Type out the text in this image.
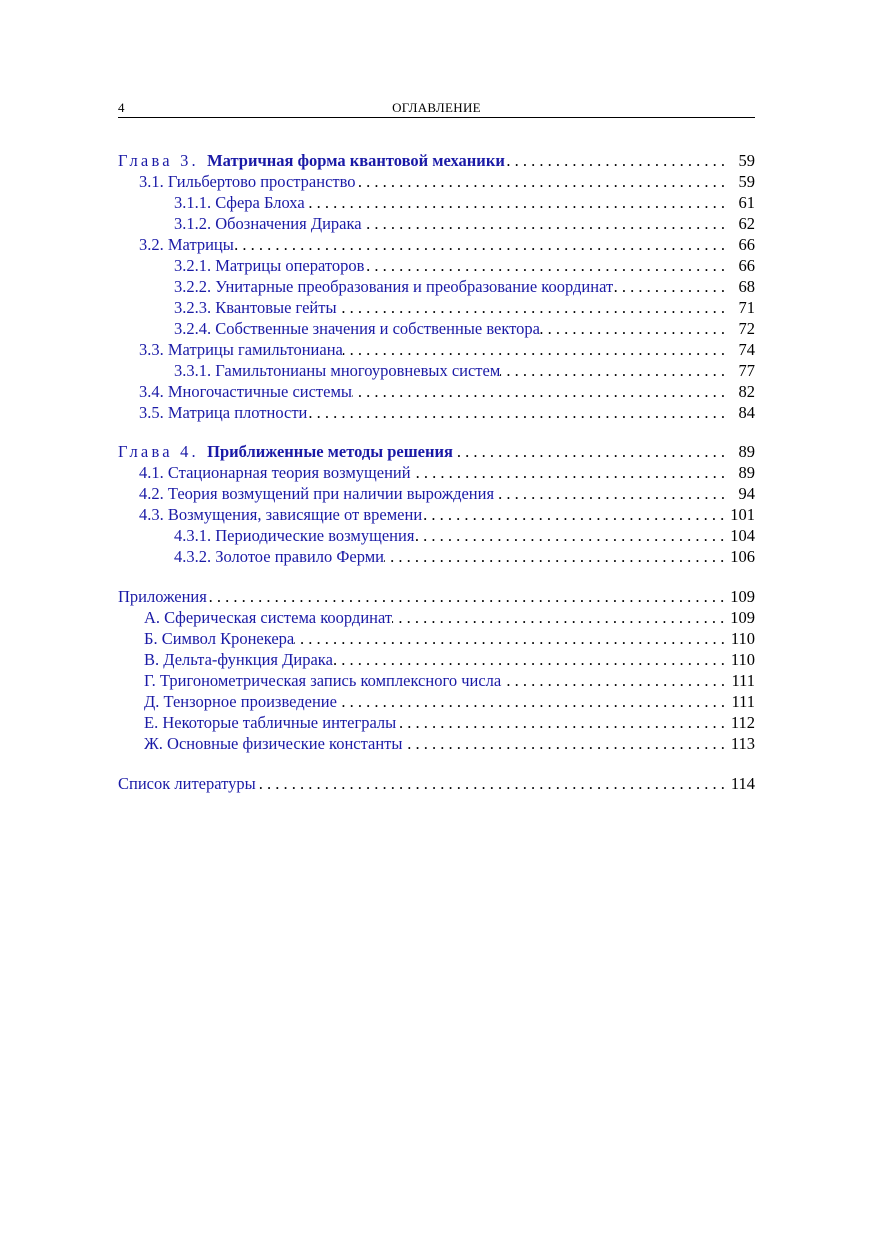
4	ОГЛАВЛЕНИЕ
Глава 3. Матричная форма квантовой механики . . .	59
3.1. Гильбертово пространство . . .	59
3.1.1. Сфера Блоха . . .	61
3.1.2. Обозначения Дирака . . .	62
3.2. Матрицы . . .	66
3.2.1. Матрицы операторов . . .	66
3.2.2. Унитарные преобразования и преобразование координат . . .	68
3.2.3. Квантовые гейты . . .	71
3.2.4. Собственные значения и собственные вектора . . .	72
3.3. Матрицы гамильтониана . . .	74
3.3.1. Гамильтонианы многоуровневых систем . . .	77
3.4. Многочастичные системы . . .	82
3.5. Матрица плотности . . .	84
Глава 4. Приближенные методы решения . . .	89
4.1. Стационарная теория возмущений . . .	89
4.2. Теория возмущений при наличии вырождения . . .	94
4.3. Возмущения, зависящие от времени . . .	101
4.3.1. Периодические возмущения . . .	104
4.3.2. Золотое правило Ферми . . .	106
Приложения . . .	109
А. Сферическая система координат . . .	109
Б. Символ Кронекера . . .	110
В. Дельта-функция Дирака . . .	110
Г. Тригонометрическая запись комплексного числа . . .	111
Д. Тензорное произведение . . .	111
Е. Некоторые табличные интегралы . . .	112
Ж. Основные физические константы . . .	113
Список литературы . . .	114
